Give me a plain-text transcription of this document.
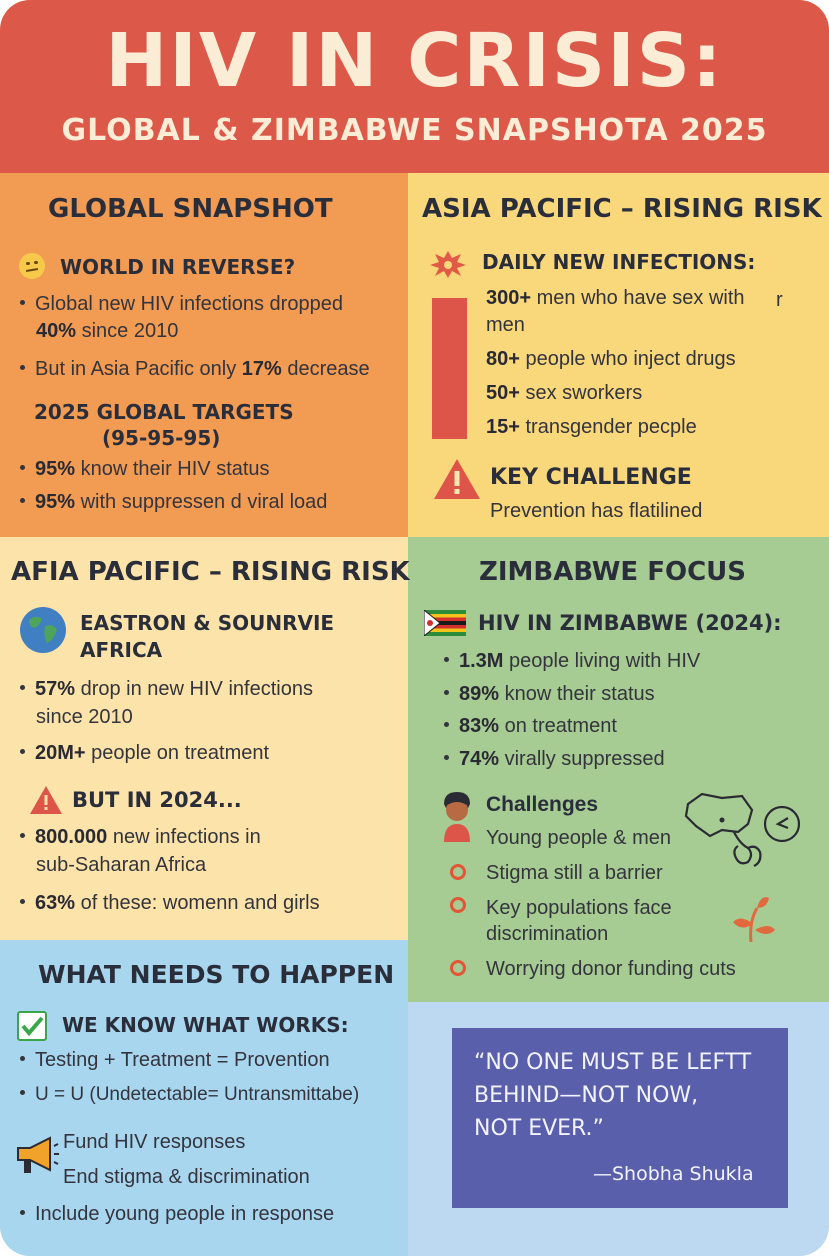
HIV IN CRISIS:
GLOBAL & ZIMBABWE SNAPSHOTA 2025
GLOBAL SNAPSHOT
WORLD IN REVERSE?
Global new HIV infections dropped
40% since 2010
But in Asia Pacific only 17% decrease
2025 GLOBAL TARGETS
(95-95-95)
95% know their HIV status
95% with suppressen d viral load
ASIA PACIFIC – RISING RISK
DAILY NEW INFECTIONS:
300+ men who have sex with r
men
80+ people who inject drugs
50+ sex sworkers
15+ transgender pecple
KEY CHALLENGE
Prevention has flatilined
AFIA PACIFIC – RISING RISK
EASTRON & SOUNRVIE
AFRICA
57% drop in new HIV infections
since 2010
20M+ people on treatment
BUT IN 2024...
800.000 new infections in
sub-Saharan Africa
63% of these: womenn and girls
ZIMBABWE FOCUS
HIV IN ZIMBABWE (2024):
1.3M people living with HIV
89% know their status
83% on treatment
74% virally suppressed
Challenges
Young people & men
Stigma still a barrier
Key populations face
discrimination
Worrying donor funding cuts
WHAT NEEDS TO HAPPEN
WE KNOW WHAT WORKS:
Testing + Treatment = Provention
U = U (Undetectable= Untransmittabe)
Fund HIV responses
End stigma & discrimination
Include young people in response
“NO ONE MUST BE LEFTT
BEHIND—NOT NOW,
NOT EVER.”
—Shobha Shukla
